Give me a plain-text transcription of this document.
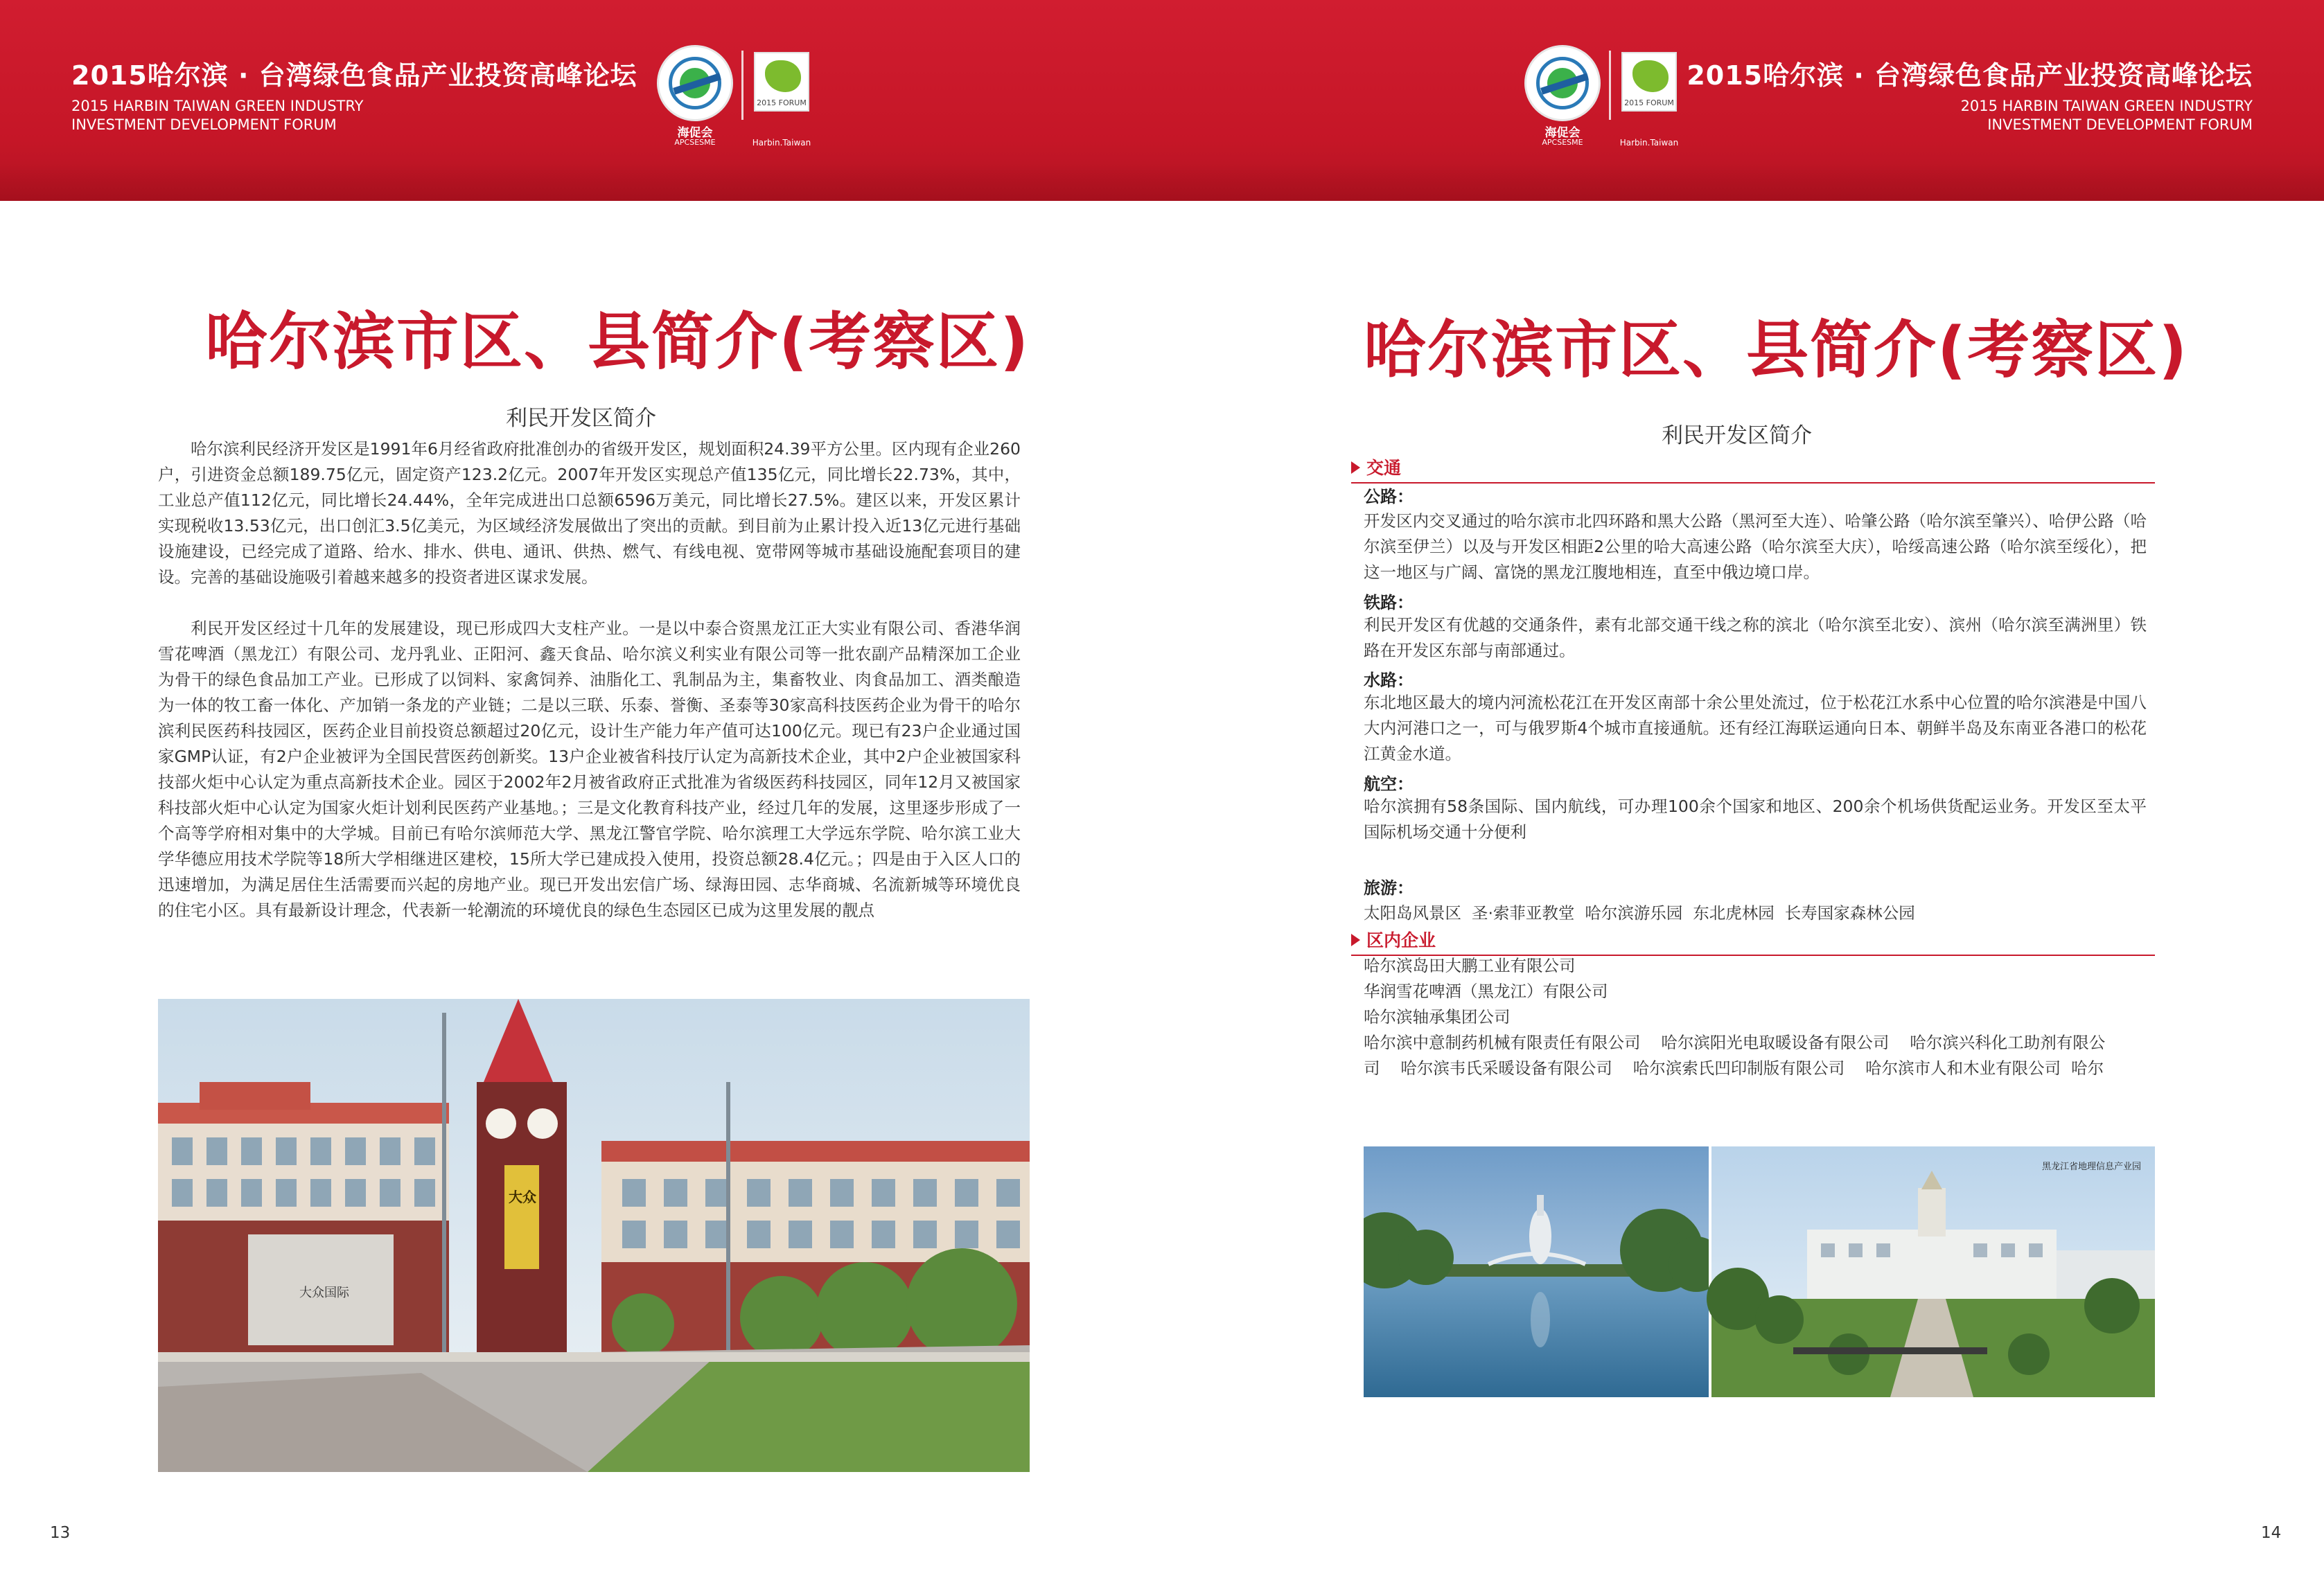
2015哈尔滨 · 台湾绿色食品产业投资高峰论坛
2015 HARBIN TAIWAN GREEN INDUSTRY
INVESTMENT DEVELOPMENT FORUM
2015 FORUM
海促会
APCSESME	Harbin.Taiwan
2015 FORUM
海促会
APCSESME	Harbin.Taiwan
2015哈尔滨 · 台湾绿色食品产业投资高峰论坛
2015 HARBIN TAIWAN GREEN INDUSTRY
INVESTMENT DEVELOPMENT FORUM
哈尔滨市区、县简介(考察区)
利民开发区简介

哈尔滨利民经济开发区是1991年6月经省政府批准创办的省级开发区，规划面积24.39平方公里。区内现有企业260户，引进资金总额189.75亿元，固定资产123.2亿元。2007年开发区实现总产值135亿元，同比增长22.73%，其中，工业总产值112亿元，同比增长24.44%，全年完成进出口总额6596万美元，同比增长27.5%。建区以来，开发区累计实现税收13.53亿元，出口创汇3.5亿美元，为区域经济发展做出了突出的贡献。到目前为止累计投入近13亿元进行基础设施建设，已经完成了道路、给水、排水、供电、通讯、供热、燃气、有线电视、宽带网等城市基础设施配套项目的建设。完善的基础设施吸引着越来越多的投资者进区谋求发展。

利民开发区经过十几年的发展建设，现已形成四大支柱产业。一是以中泰合资黑龙江正大实业有限公司、香港华润雪花啤酒（黑龙江）有限公司、龙丹乳业、正阳河、鑫天食品、哈尔滨义利实业有限公司等一批农副产品精深加工企业为骨干的绿色食品加工产业。已形成了以饲料、家禽饲养、油脂化工、乳制品为主，集畜牧业、肉食品加工、酒类酿造为一体的牧工畜一体化、产加销一条龙的产业链；二是以三联、乐泰、誉衡、圣泰等30家高科技医药企业为骨干的哈尔滨利民医药科技园区，医药企业目前投资总额超过20亿元，设计生产能力年产值可达100亿元。现已有23户企业通过国家GMP认证，有2户企业被评为全国民营医药创新奖。13户企业被省科技厅认定为高新技术企业，其中2户企业被国家科技部火炬中心认定为重点高新技术企业。园区于2002年2月被省政府正式批准为省级医药科技园区，同年12月又被国家科技部火炬中心认定为国家火炬计划利民医药产业基地。；三是文化教育科技产业，经过几年的发展，这里逐步形成了一个高等学府相对集中的大学城。目前已有哈尔滨师范大学、黑龙江警官学院、哈尔滨理工大学远东学院、哈尔滨工业大学华德应用技术学院等18所大学相继进区建校，15所大学已建成投入使用，投资总额28.4亿元。；四是由于入区人口的迅速增加，为满足居住生活需要而兴起的房地产业。现已开发出宏信广场、绿海田园、志华商城、名流新城等环境优良的住宅小区。具有最新设计理念，代表新一轮潮流的环境优良的绿色生态园区已成为这里发展的靓点

大众
大众国际
13
哈尔滨市区、县简介(考察区)
利民开发区简介
交通
公路：
开发区内交叉通过的哈尔滨市北四环路和黑大公路（黑河至大连）、哈肇公路（哈尔滨至肇兴）、哈伊公路（哈尔滨至伊兰）以及与开发区相距2公里的哈大高速公路（哈尔滨至大庆），哈绥高速公路（哈尔滨至绥化），把这一地区与广阔、富饶的黑龙江腹地相连，直至中俄边境口岸。
铁路：
利民开发区有优越的交通条件，素有北部交通干线之称的滨北（哈尔滨至北安）、滨州（哈尔滨至满洲里）铁路在开发区东部与南部通过。
水路：
东北地区最大的境内河流松花江在开发区南部十余公里处流过，位于松花江水系中心位置的哈尔滨港是中国八大内河港口之一，可与俄罗斯4个城市直接通航。还有经江海联运通向日本、朝鲜半岛及东南亚各港口的松花江黄金水道。
航空：
哈尔滨拥有58条国际、国内航线，可办理100余个国家和地区、200余个机场供货配运业务。开发区至太平国际机场交通十分便利
旅游：
太阳岛风景区  圣·索菲亚教堂  哈尔滨游乐园  东北虎林园  长寿国家森林公园
区内企业
哈尔滨岛田大鹏工业有限公司
华润雪花啤酒（黑龙江）有限公司
哈尔滨轴承集团公司
哈尔滨中意制药机械有限责任有限公司    哈尔滨阳光电取暖设备有限公司    哈尔滨兴科化工助剂有限公
司    哈尔滨韦氏采暖设备有限公司    哈尔滨索氏凹印制版有限公司    哈尔滨市人和木业有限公司  哈尔
黑龙江省地理信息产业园
14
